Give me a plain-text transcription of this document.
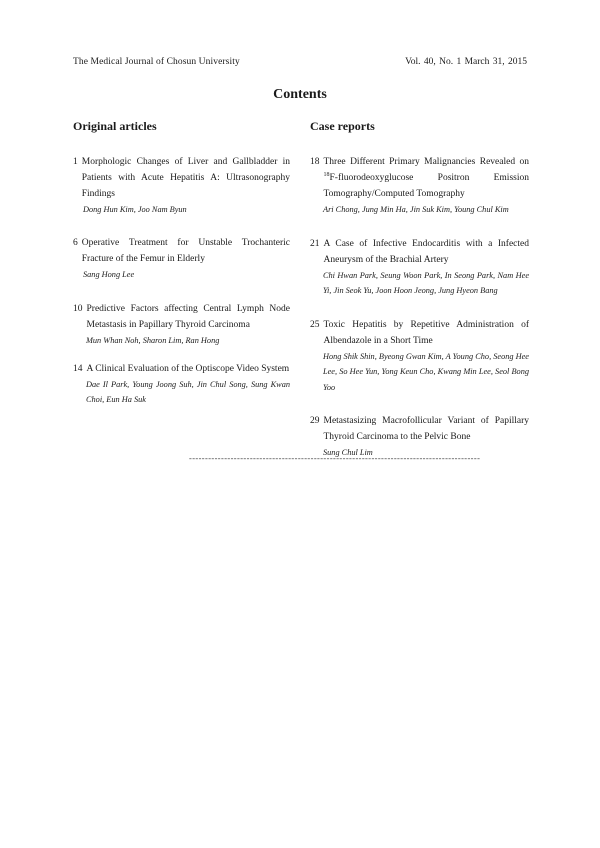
The Medical Journal of Chosun University	Vol. 40, No. 1 March 31, 2015
Contents
Original articles
1 Morphologic Changes of Liver and Gallbladder in Patients with Acute Hepatitis A: Ultrasonography Findings
Dong Hun Kim, Joo Nam Byun
6 Operative Treatment for Unstable Trochanteric Fracture of the Femur in Elderly
Sang Hong Lee
10 Predictive Factors affecting Central Lymph Node Metastasis in Papillary Thyroid Carcinoma
Mun Whan Noh, Sharon Lim, Ran Hong
14 A Clinical Evaluation of the Optiscope Video System
Dae Il Park, Young Joong Suh, Jin Chul Song, Sung Kwan Choi, Eun Ha Suk
Case reports
18 Three Different Primary Malignancies Revealed on $^{18}$F-fluorodeoxyglucose Positron Emission Tomography/Computed Tomography
Ari Chong, Jung Min Ha, Jin Suk Kim, Young Chul Kim
21 A Case of Infective Endocarditis with a Infected Aneurysm of the Brachial Artery
Chi Hwan Park, Seung Woon Park, In Seong Park, Nam Hee Yi, Jin Seok Yu, Joon Hoon Jeong, Jung Hyeon Bang
25 Toxic Hepatitis by Repetitive Administration of Albendazole in a Short Time
Hong Shik Shin, Byeong Gwan Kim, A Young Cho, Seong Hee Lee, So Hee Yun, Yong Keun Cho, Kwang Min Lee, Seol Bong Yoo
29 Metastasizing Macrofollicular Variant of Papillary Thyroid Carcinoma to the Pelvic Bone
Sung Chul Lim
-------------------------------------------------------------------------------------------
